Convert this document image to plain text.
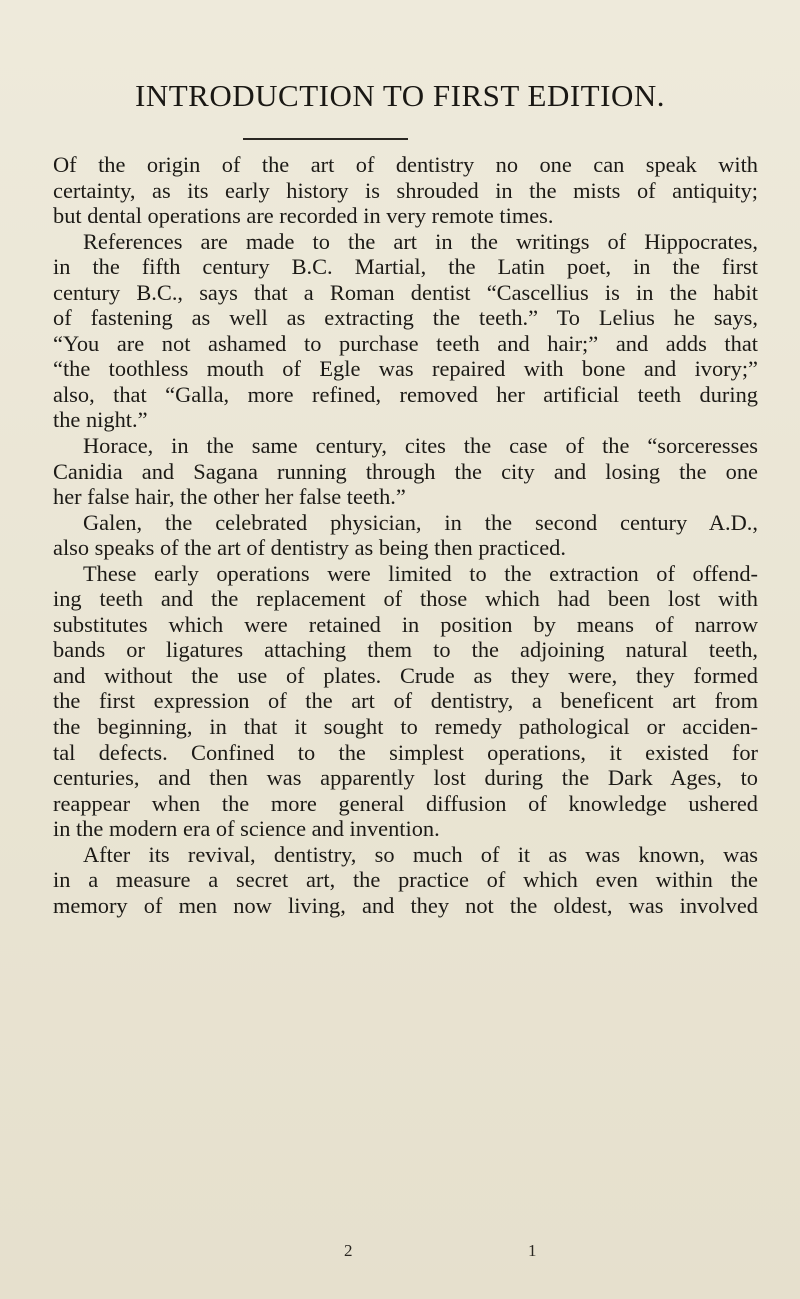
INTRODUCTION TO FIRST EDITION.
Of the origin of the art of dentistry no one can speak with
certainty, as its early history is shrouded in the mists of antiquity;
but dental operations are recorded in very remote times.
References are made to the art in the writings of Hippocrates,
in the fifth century B.C. Martial, the Latin poet, in the first
century B.C., says that a Roman dentist “Cascellius is in the habit
of fastening as well as extracting the teeth.” To Lelius he says,
“You are not ashamed to purchase teeth and hair;” and adds that
“the toothless mouth of Egle was repaired with bone and ivory;”
also, that “Galla, more refined, removed her artificial teeth during
the night.”
Horace, in the same century, cites the case of the “sorceresses
Canidia and Sagana running through the city and losing the one
her false hair, the other her false teeth.”
Galen, the celebrated physician, in the second century A.D.,
also speaks of the art of dentistry as being then practiced.
These early operations were limited to the extraction of offend-
ing teeth and the replacement of those which had been lost with
substitutes which were retained in position by means of narrow
bands or ligatures attaching them to the adjoining natural teeth,
and without the use of plates. Crude as they were, they formed
the first expression of the art of dentistry, a beneficent art from
the beginning, in that it sought to remedy pathological or acciden-
tal defects. Confined to the simplest operations, it existed for
centuries, and then was apparently lost during the Dark Ages, to
reappear when the more general diffusion of knowledge ushered
in the modern era of science and invention.
After its revival, dentistry, so much of it as was known, was
in a measure a secret art, the practice of which even within the
memory of men now living, and they not the oldest, was involved
2	1
